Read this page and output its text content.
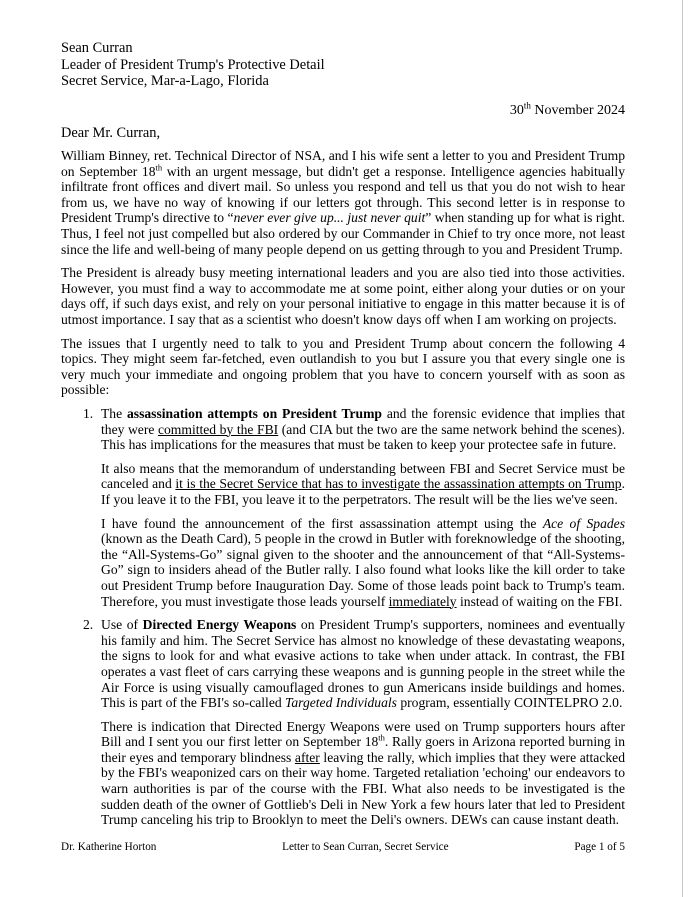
Sean Curran
Leader of President Trump's Protective Detail
Secret Service, Mar-a-Lago, Florida
30th November 2024
Dear Mr. Curran,

William Binney, ret. Technical Director of NSA, and I his wife sent a letter to you and President Trump on September 18th with an urgent message, but didn't get a response. Intelligence agencies habitually infiltrate front offices and divert mail. So unless you respond and tell us that you do not wish to hear from us, we have no way of knowing if our letters got through. This second letter is in response to President Trump's directive to “never ever give up... just never quit” when standing up for what is right. Thus, I feel not just compelled but also ordered by our Commander in Chief to try once more, not least since the life and well-being of many people depend on us getting through to you and President Trump.

The President is already busy meeting international leaders and you are also tied into those activities. However, you must find a way to accommodate me at some point, either along your duties or on your days off, if such days exist, and rely on your personal initiative to engage in this matter because it is of utmost importance. I say that as a scientist who doesn't know days off when I am working on projects.

The issues that I urgently need to talk to you and President Trump about concern the following 4 topics. They might seem far-fetched, even outlandish to you but I assure you that every single one is very much your immediate and ongoing problem that you have to concern yourself with as soon as possible:

1. The assassination attempts on President Trump and the forensic evidence that implies that they were committed by the FBI (and CIA but the two are the same network behind the scenes). This has implications for the measures that must be taken to keep your protectee safe in future.

It also means that the memorandum of understanding between FBI and Secret Service must be canceled and it is the Secret Service that has to investigate the assassination attempts on Trump. If you leave it to the FBI, you leave it to the perpetrators. The result will be the lies we've seen.

I have found the announcement of the first assassination attempt using the Ace of Spades (known as the Death Card), 5 people in the crowd in Butler with foreknowledge of the shooting, the “All-Systems-Go” signal given to the shooter and the announcement of that “All-Systems-Go” sign to insiders ahead of the Butler rally. I also found what looks like the kill order to take out President Trump before Inauguration Day. Some of those leads point back to Trump's team. Therefore, you must investigate those leads yourself immediately instead of waiting on the FBI.

2. Use of Directed Energy Weapons on President Trump's supporters, nominees and eventually his family and him. The Secret Service has almost no knowledge of these devastating weapons, the signs to look for and what evasive actions to take when under attack. In contrast, the FBI operates a vast fleet of cars carrying these weapons and is gunning people in the street while the Air Force is using visually camouflaged drones to gun Americans inside buildings and homes. This is part of the FBI's so-called Targeted Individuals program, essentially COINTELPRO 2.0.

There is indication that Directed Energy Weapons were used on Trump supporters hours after Bill and I sent you our first letter on September 18th. Rally goers in Arizona reported burning in their eyes and temporary blindness after leaving the rally, which implies that they were attacked by the FBI's weaponized cars on their way home. Targeted retaliation 'echoing' our endeavors to warn authorities is par of the course with the FBI. What also needs to be investigated is the sudden death of the owner of Gottlieb's Deli in New York a few hours later that led to President Trump canceling his trip to Brooklyn to meet the Deli's owners. DEWs can cause instant death.

Dr. Katherine Horton	Letter to Sean Curran, Secret Service	Page 1 of 5
